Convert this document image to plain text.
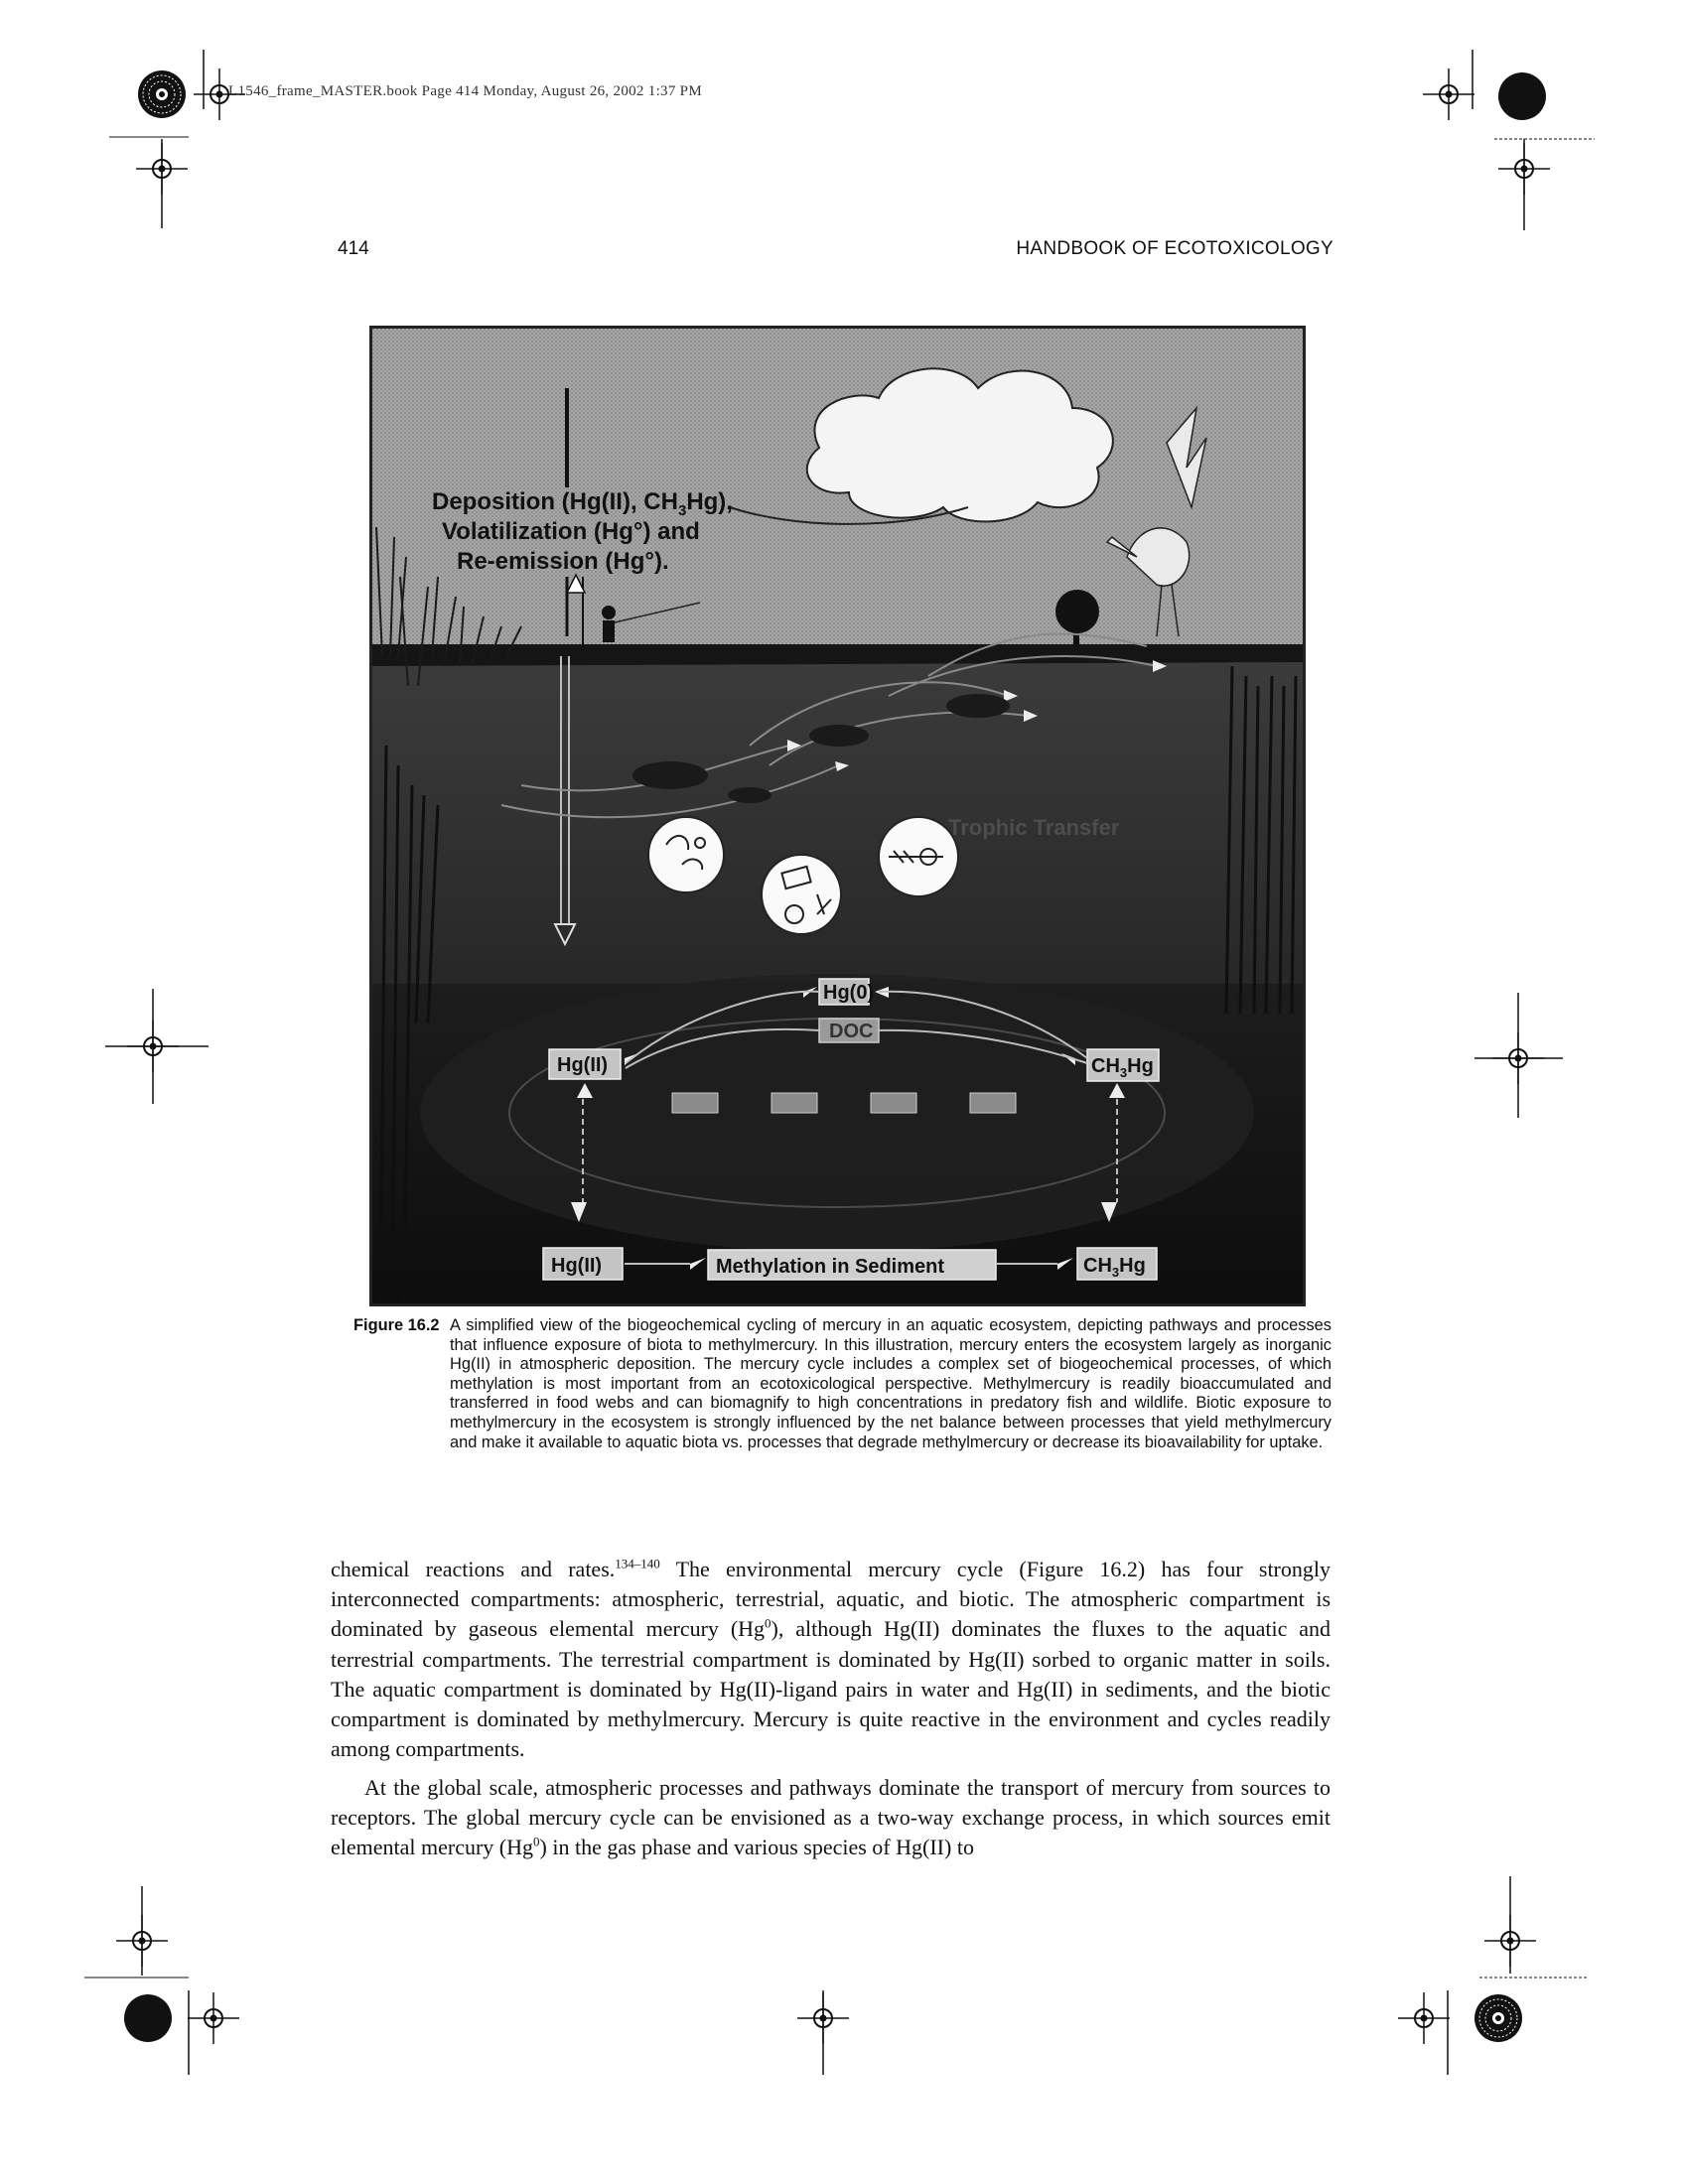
L1546_frame_MASTER.book Page 414 Monday, August 26, 2002 1:37 PM
414	HANDBOOK OF ECOTOXICOLOGY
Deposition (Hg(II), $CH_3Hg$),
Volatilization (Hg°) and
Re-emission (Hg°).
Trophic Transfer
Hg(0)
DOC
Hg(II)	$CH_3Hg$
Hg(II)	Methylation in Sediment	$CH_3Hg$
Figure 16.2 A simplified view of the biogeochemical cycling of mercury in an aquatic ecosystem, depicting pathways and processes that influence exposure of biota to methylmercury. In this illustration, mercury enters the ecosystem largely as inorganic Hg(II) in atmospheric deposition. The mercury cycle includes a complex set of biogeochemical processes, of which methylation is most important from an ecotoxicological perspective. Methylmercury is readily bioaccumulated and transferred in food webs and can biomagnify to high concentrations in predatory fish and wildlife. Biotic exposure to methylmercury in the ecosystem is strongly influenced by the net balance between processes that yield methylmercury and make it available to aquatic biota vs. processes that degrade methylmercury or decrease its bioavailability for uptake.
chemical reactions and rates.$^{134-140}$ The environmental mercury cycle (Figure 16.2) has four strongly interconnected compartments: atmospheric, terrestrial, aquatic, and biotic. The atmospheric compartment is dominated by gaseous elemental mercury (Hg$^0$), although Hg(II) dominates the fluxes to the aquatic and terrestrial compartments. The terrestrial compartment is dominated by Hg(II) sorbed to organic matter in soils. The aquatic compartment is dominated by Hg(II)-ligand pairs in water and Hg(II) in sediments, and the biotic compartment is dominated by methylmercury. Mercury is quite reactive in the environment and cycles readily among compartments.
At the global scale, atmospheric processes and pathways dominate the transport of mercury from sources to receptors. The global mercury cycle can be envisioned as a two-way exchange process, in which sources emit elemental mercury (Hg$^0$) in the gas phase and various species of Hg(II) to
